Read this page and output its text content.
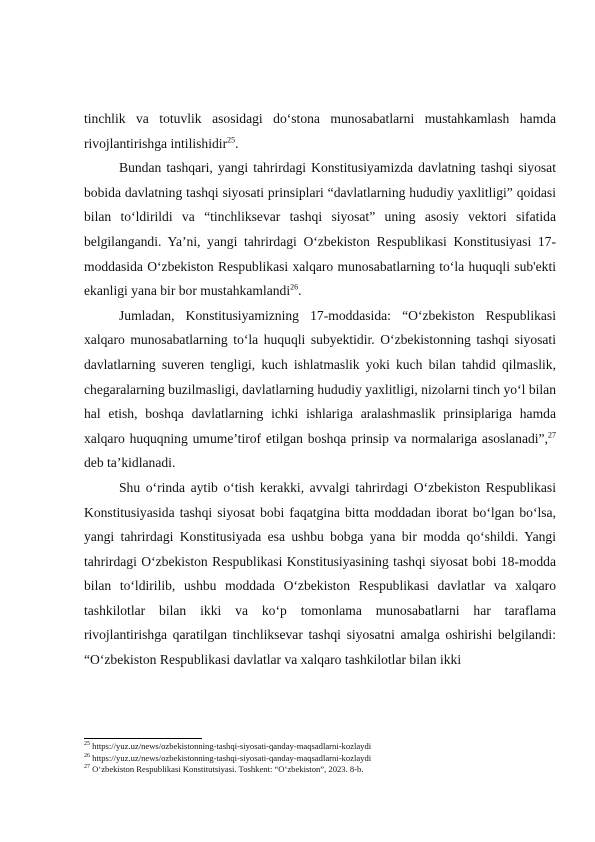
tinchlik va totuvlik asosidagi do‘stona munosabatlarni mustahkamlash hamda rivojlantirishga intilishidir$^{25}$.

Bundan tashqari, yangi tahrirdagi Konstitusiyamizda davlatning tashqi siyosat bobida davlatning tashqi siyosati prinsiplari “davlatlarning hududiy yaxlitligi” qoidasi bilan to‘ldirildi va “tinchliksevar tashqi siyosat” uning asosiy vektori sifatida belgilangandi. Ya’ni, yangi tahrirdagi O‘zbekiston Respublikasi Konstitusiyasi 17-moddasida O‘zbekiston Respublikasi xalqaro munosabatlarning to‘la huquqli sub'ekti ekanligi yana bir bor mustahkamlandi$^{26}$.

Jumladan, Konstitusiyamizning 17-moddasida: “O‘zbekiston Respublikasi xalqaro munosabatlarning to‘la huquqli subyektidir. O‘zbekistonning tashqi siyosati davlatlarning suveren tengligi, kuch ishlatmaslik yoki kuch bilan tahdid qilmaslik, chegaralarning buzilmasligi, davlatlarning hududiy yaxlitligi, nizolarni tinch yo‘l bilan hal etish, boshqa davlatlarning ichki ishlariga aralashmaslik prinsiplariga hamda xalqaro huquqning umume’tirof etilgan boshqa prinsip va normalariga asoslanadi”,$^{27}$ deb ta’kidlanadi.

Shu o‘rinda aytib o‘tish kerakki, avvalgi tahrirdagi O‘zbekiston Respublikasi Konstitusiyasida tashqi siyosat bobi faqatgina bitta moddadan iborat bo‘lgan bo‘lsa, yangi tahrirdagi Konstitusiyada esa ushbu bobga yana bir modda qo‘shildi. Yangi tahrirdagi O‘zbekiston Respublikasi Konstitusiyasining tashqi siyosat bobi 18-modda bilan to‘ldirilib, ushbu moddada O‘zbekiston Respublikasi davlatlar va xalqaro tashkilotlar bilan ikki va ko‘p tomonlama munosabatlarni har taraflama rivojlantirishga qaratilgan tinchliksevar tashqi siyosatni amalga oshirishi belgilandi: “O‘zbekiston Respublikasi davlatlar va xalqaro tashkilotlar bilan ikki

$^{25}$ https://yuz.uz/news/ozbekistonning-tashqi-siyosati-qanday-maqsadlarni-kozlaydi

$^{26}$ https://yuz.uz/news/ozbekistonning-tashqi-siyosati-qanday-maqsadlarni-kozlaydi

$^{27}$ O‘zbekiston Respublikasi Konstitutsiyasi. Toshkent: “O‘zbekiston”, 2023. 8-b.
